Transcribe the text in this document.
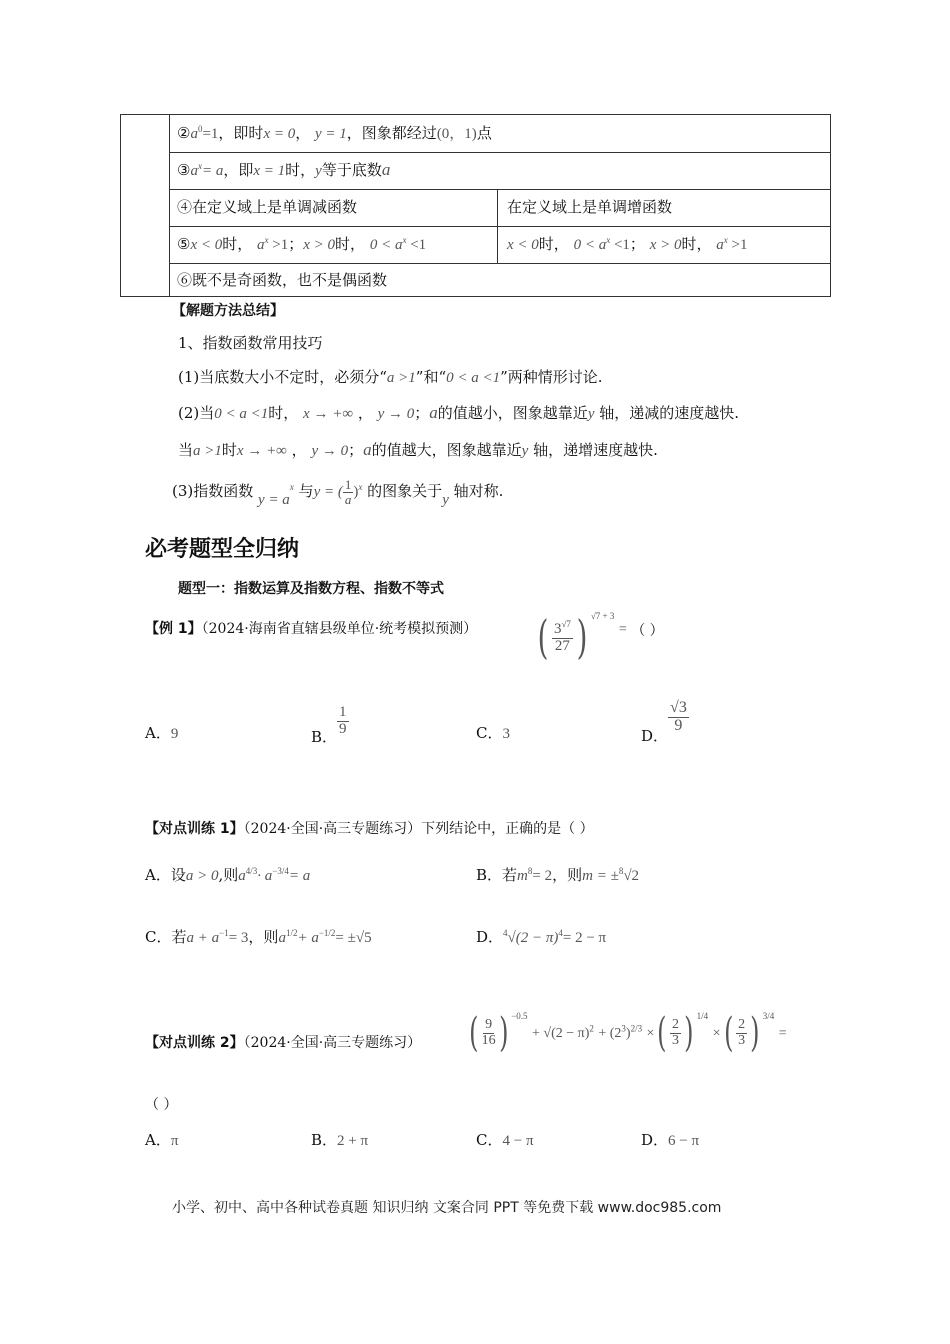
$②a^0=1$，即时x = 0， y = 1，图象都经过(0，1)点
$③a^x= a$，即x = 1时，y等于底数a
④在定义域上是单调减函数	在定义域上是单调增函数
⑤x < 0时， $a^x >1$；x > 0时， $0 < a^x <1$	x < 0时， $0 < a^x <1$； x > 0时， $a^x >1$
⑥既不是奇函数，也不是偶函数
【解题方法总结】
1、指数函数常用技巧
(1)当底数大小不定时，必须分“a >1”和“0 < a <1”两种情形讨论.
(2)当0 < a <1时， x → +∞ ， y → 0；a的值越小，图象越靠近y 轴，递减的速度越快.
当a >1时x → +∞ ， y → 0；a的值越大，图象越靠近y 轴，递增速度越快.
(3)指数函数 $y = a^x$ 与y = ( $\frac{1}{a} )^x$ 的图象关于y 轴对称.
必考题型全归纳
题型一：指数运算及指数方程、指数不等式
【例 1】（2024·海南省直辖县级单位·统考模拟预测） ( $\frac{3^{√7}}{27}$ ) $^{√7 + 3}$ = （ ）
A．9	B． $\frac{1}{9}$	C．3	D．
$\frac{√3}{9}$
【对点训练 1】（2024·全国·高三专题练习）下列结论中，正确的是（ ）
A．设a > 0,则$a^{4/3}\cdot a^{-3/4}= a$	B．若$m^8= 2$，则m = ±$^8$√2
C．若$a + a^{-1}= 3$，则$a^{1/2}+ a^{-1/2}= \pm√5$	D．$^4√(2 - \pi)^4= 2 - \pi$
【对点训练 2】（2024·全国·高三专题练习） ( $\frac{9}{16}$ ) $^{-0.5} + √(2 - \pi)^2 + (2^3)^{2/3}$ ×( $\frac{2}{3}$ ) $^{1/4}$ ×( $\frac{2}{3}$ ) $^{3/4}$ =
（ ）
A．π	B．2 + π	C．4 − π	D．6 − π
小学、初中、高中各种试卷真题 知识归纳 文案合同 PPT 等免费下载 www.doc985.com
